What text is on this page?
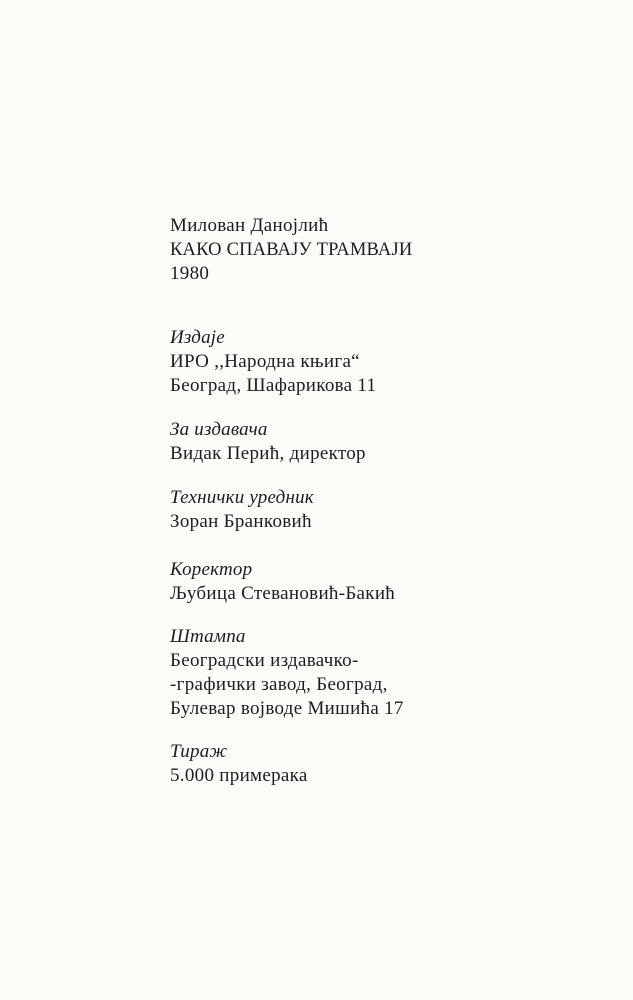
Милован Данојлић
КАКО СПАВАЈУ ТРАМВАЈИ
1980
Издаје
ИРО ,,Народна књига“
Београд, Шафарикова 11
За издавача
Видак Перић, директор
Технички уредник
Зоран Бранковић
Коректор
Љубица Стевановић-Бакић
Штампа
Београдски издавачко-
-графички завод, Београд,
Булевар војводе Мишића 17
Тираж
5.000 примерака
